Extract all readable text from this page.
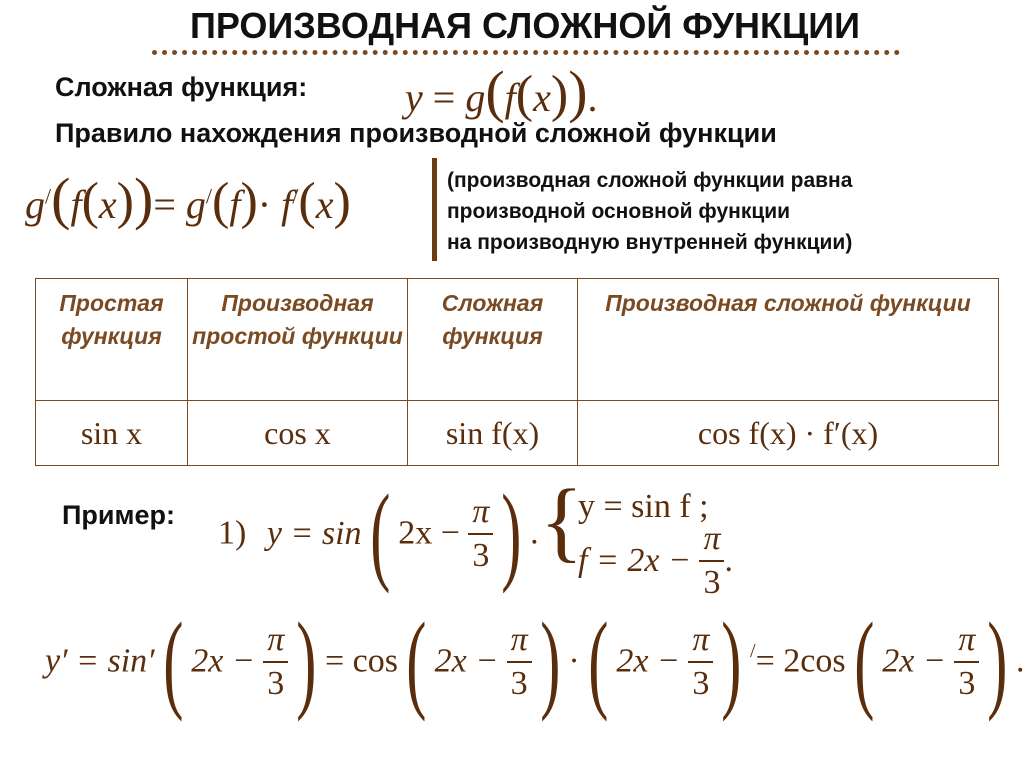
ПРОИЗВОДНАЯ СЛОЖНОЙ ФУНКЦИИ
Сложная функция: y = g(f(x)).
Правило нахождения производной сложной функции
g/(f(x))= g/(f)· f/(x)	(производная сложной функции равна
производной основной функции
на производную внутренней функции)
Простая функция	Производная простой функции	Сложная функция	Производная сложной функции
sin x	cos x	sin f(x)	cos f(x) · f′(x)
Пример: 1) y = sin( $2x - \frac{\pi}{3}$ ) . {
y = sin f ;
$f = 2x - \frac{\pi}{3}$ .
y′ = sin′( $2x - \frac{\pi}{3}$ ) = cos( $2x - \frac{\pi}{3}$ ) ·( $2x - \frac{\pi}{3}$ ) /= 2cos( $2x - \frac{\pi}{3}$ ) .
